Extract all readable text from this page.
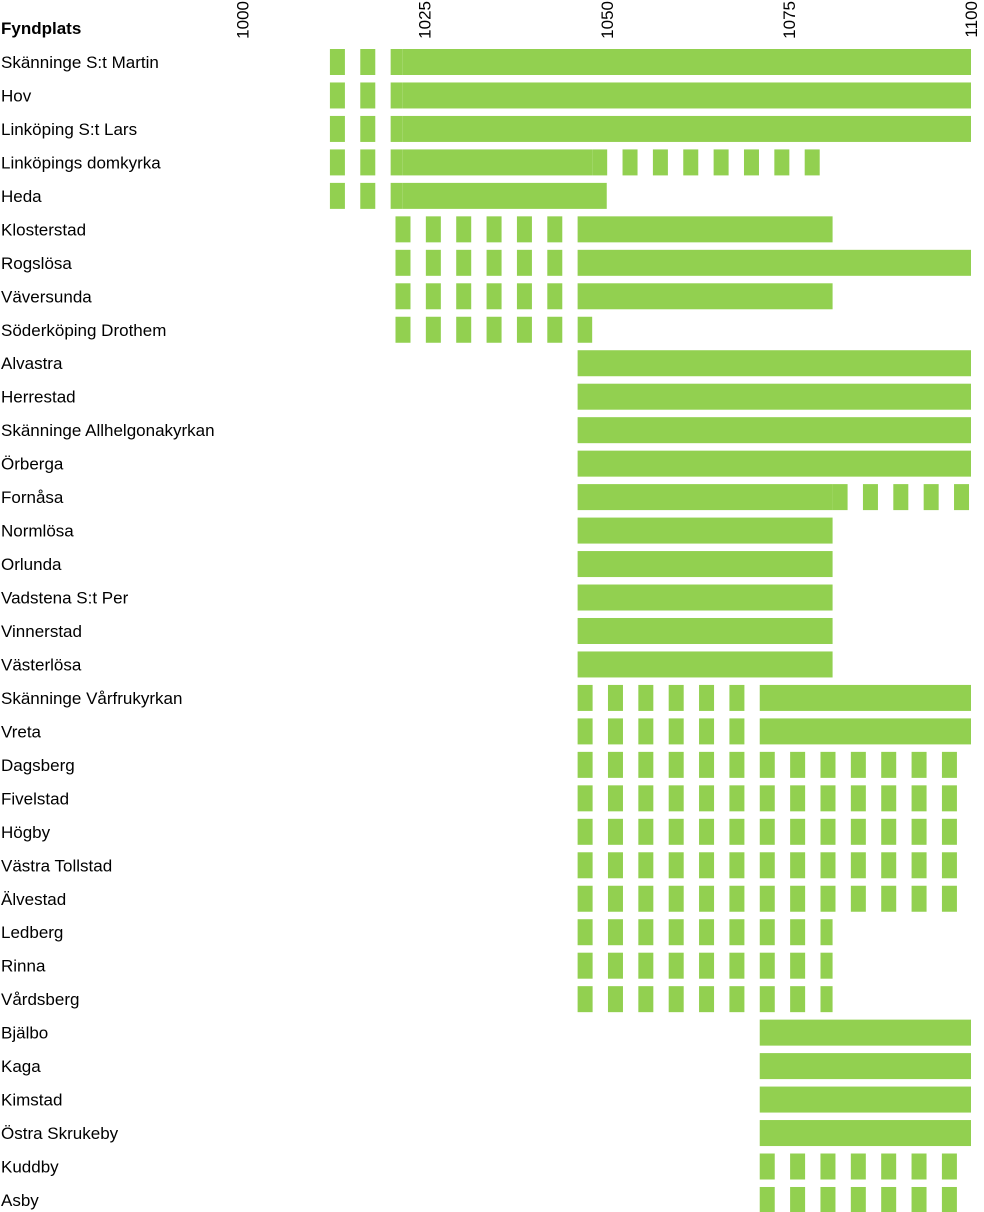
Fyndplats	1000	1025	1050	1075	1100
Skänninge S:t Martin
Hov
Linköping S:t Lars
Linköpings domkyrka
Heda
Klosterstad
Rogslösa
Väversunda
Söderköping Drothem
Alvastra
Herrestad
Skänninge Allhelgonakyrkan
Örberga
Fornåsa
Normlösa
Orlunda
Vadstena S:t Per
Vinnerstad
Västerlösa
Skänninge Vårfrukyrkan
Vreta
Dagsberg
Fivelstad
Högby
Västra Tollstad
Älvestad
Ledberg
Rinna
Vårdsberg
Bjälbo
Kaga
Kimstad
Östra Skrukeby
Kuddby
Asby
